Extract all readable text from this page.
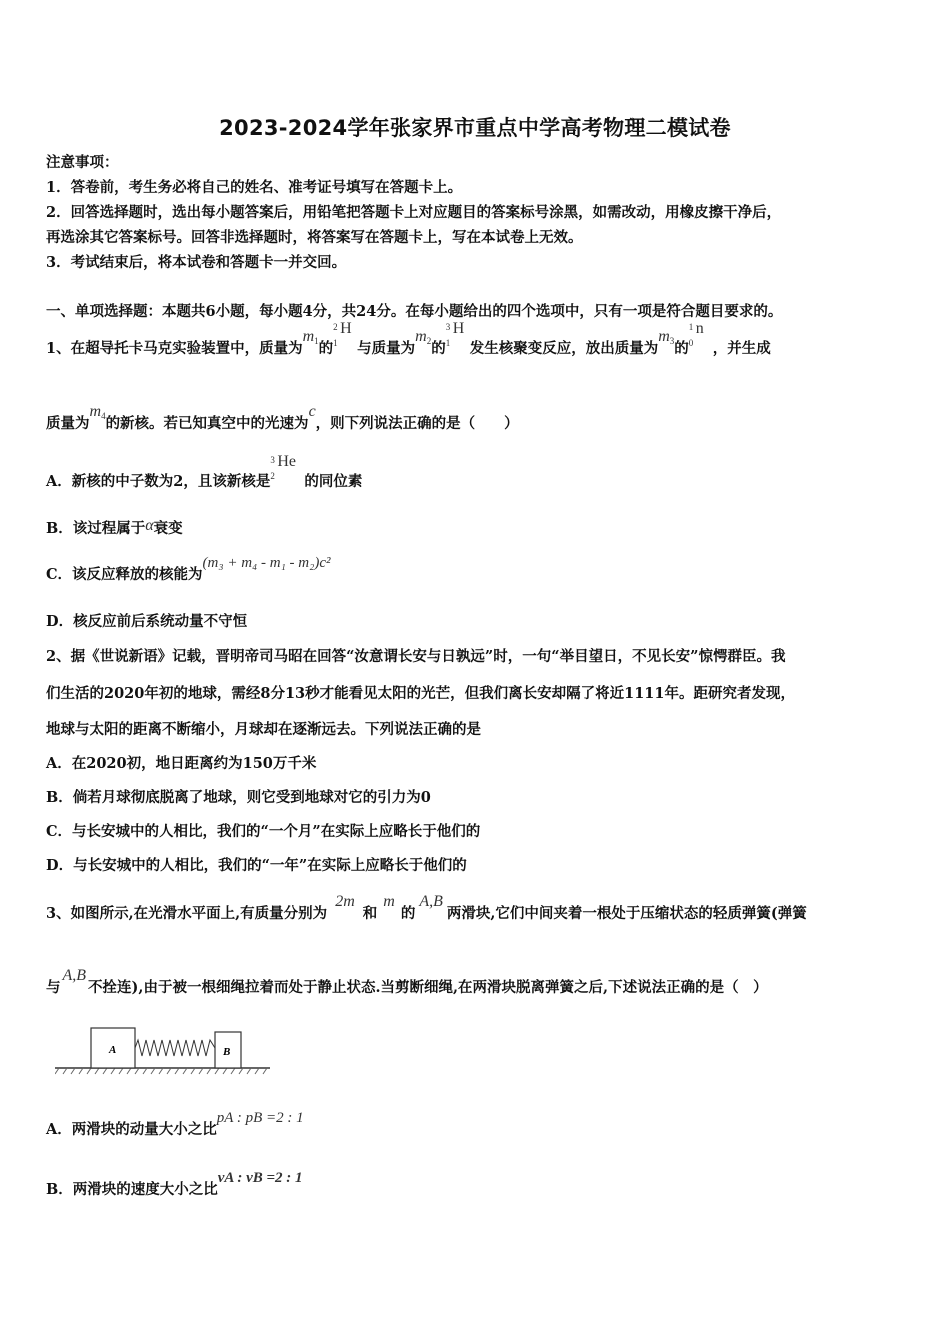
2023-2024学年张家界市重点中学高考物理二模试卷
注意事项：
1．答卷前，考生务必将自己的姓名、准考证号填写在答题卡上。
2．回答选择题时，选出每小题答案后，用铅笔把答题卡上对应题目的答案标号涂黑，如需改动，用橡皮擦干净后，
再选涂其它答案标号。回答非选择题时，将答案写在答题卡上，写在本试卷上无效。
3．考试结束后，将本试卷和答题卡一并交回。
一、单项选择题：本题共6小题，每小题4分，共24分。在每小题给出的四个选项中，只有一项是符合题目要求的。
1、在超导托卡马克实验装置中，质量为$m_1$的
2
1
H
与质量为$m_2$的
3
1
H
发生核聚变反应，放出质量为$m_3$的
1
0
n
，并生成
质量为$m_4$的新核。若已知真空中的光速为c，则下列说法正确的是（　　）
A．新核的中子数为2，且该新核是
3
2
He
的同位素
B．该过程属于α衰变
C．该反应释放的核能为(m₃ + m₄ - m₁ - m₂)c²
D．核反应前后系统动量不守恒
2、据《世说新语》记载，晋明帝司马昭在回答“汝意谓长安与日孰远”时，一句“举目望日，不见长安”惊愕群臣。我
们生活的2020年初的地球，需经8分13秒才能看见太阳的光芒，但我们离长安却隔了将近1111年。距研究者发现，
地球与太阳的距离不断缩小，月球却在逐渐远去。下列说法正确的是
A．在2020初，地日距离约为150万千米
B．倘若月球彻底脱离了地球，则它受到地球对它的引力为0
C．与长安城中的人相比，我们的“一个月”在实际上应略长于他们的
D．与长安城中的人相比，我们的“一年”在实际上应略长于他们的
3、如图所示,在光滑水平面上,有质量分别为2m和m的A,B两滑块,它们中间夹着一根处于压缩状态的轻质弹簧(弹簧
与A,B不拴连),由于被一根细绳拉着而处于静止状态.当剪断细绳,在两滑块脱离弹簧之后,下述说法正确的是（　）
A	B
A．两滑块的动量大小之比pA : pB =2 : 1
B．两滑块的速度大小之比vA : vB =2 : 1
